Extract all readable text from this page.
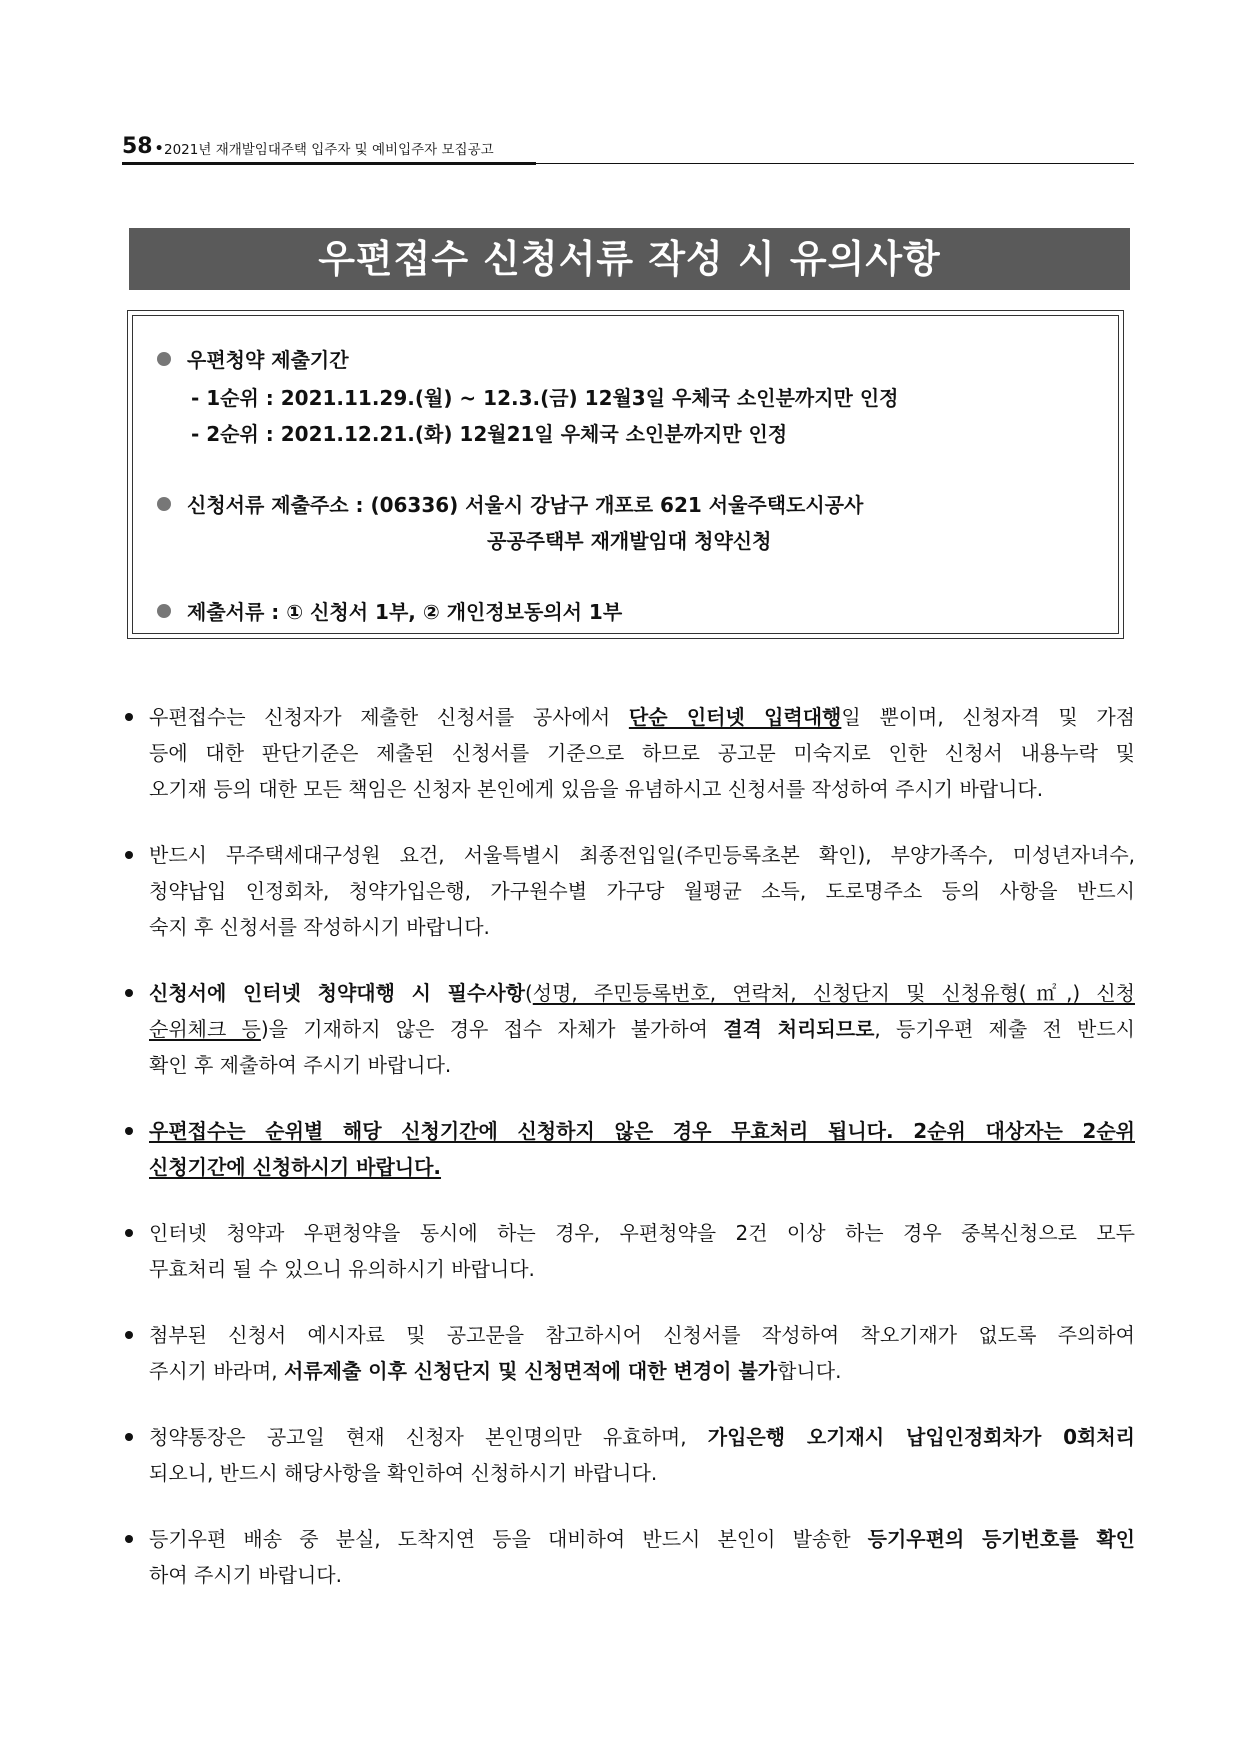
58 • 2021년 재개발임대주택 입주자 및 예비입주자 모집공고
우편접수 신청서류 작성 시 유의사항
우편청약 제출기간
- 1순위 : 2021.11.29.(월) ~ 12.3.(금) 12월3일 우체국 소인분까지만 인정
- 2순위 : 2021.12.21.(화) 12월21일 우체국 소인분까지만 인정
신청서류 제출주소 : (06336) 서울시 강남구 개포로 621 서울주택도시공사
공공주택부 재개발임대 청약신청
제출서류 : ① 신청서 1부, ② 개인정보동의서 1부
우편접수는 신청자가 제출한 신청서를 공사에서 단순 인터넷 입력대행일 뿐이며, 신청자격 및 가점
등에 대한 판단기준은 제출된 신청서를 기준으로 하므로 공고문 미숙지로 인한 신청서 내용누락 및
오기재 등의 대한 모든 책임은 신청자 본인에게 있음을 유념하시고 신청서를 작성하여 주시기 바랍니다.
반드시 무주택세대구성원 요건, 서울특별시 최종전입일(주민등록초본 확인), 부양가족수, 미성년자녀수,
청약납입 인정회차, 청약가입은행, 가구원수별 가구당 월평균 소득, 도로명주소 등의 사항을 반드시
숙지 후 신청서를 작성하시기 바랍니다.
신청서에 인터넷 청약대행 시 필수사항(성명, 주민등록번호, 연락처, 신청단지 및 신청유형(㎡,) 신청
순위체크 등)을 기재하지 않은 경우 접수 자체가 불가하여 결격 처리되므로, 등기우편 제출 전 반드시
확인 후 제출하여 주시기 바랍니다.
우편접수는 순위별 해당 신청기간에 신청하지 않은 경우 무효처리 됩니다. 2순위 대상자는 2순위
신청기간에 신청하시기 바랍니다.
인터넷 청약과 우편청약을 동시에 하는 경우, 우편청약을 2건 이상 하는 경우 중복신청으로 모두
무효처리 될 수 있으니 유의하시기 바랍니다.
첨부된 신청서 예시자료 및 공고문을 참고하시어 신청서를 작성하여 착오기재가 없도록 주의하여
주시기 바라며, 서류제출 이후 신청단지 및 신청면적에 대한 변경이 불가합니다.
청약통장은 공고일 현재 신청자 본인명의만 유효하며, 가입은행 오기재시 납입인정회차가 0회처리
되오니, 반드시 해당사항을 확인하여 신청하시기 바랍니다.
등기우편 배송 중 분실, 도착지연 등을 대비하여 반드시 본인이 발송한 등기우편의 등기번호를 확인
하여 주시기 바랍니다.
